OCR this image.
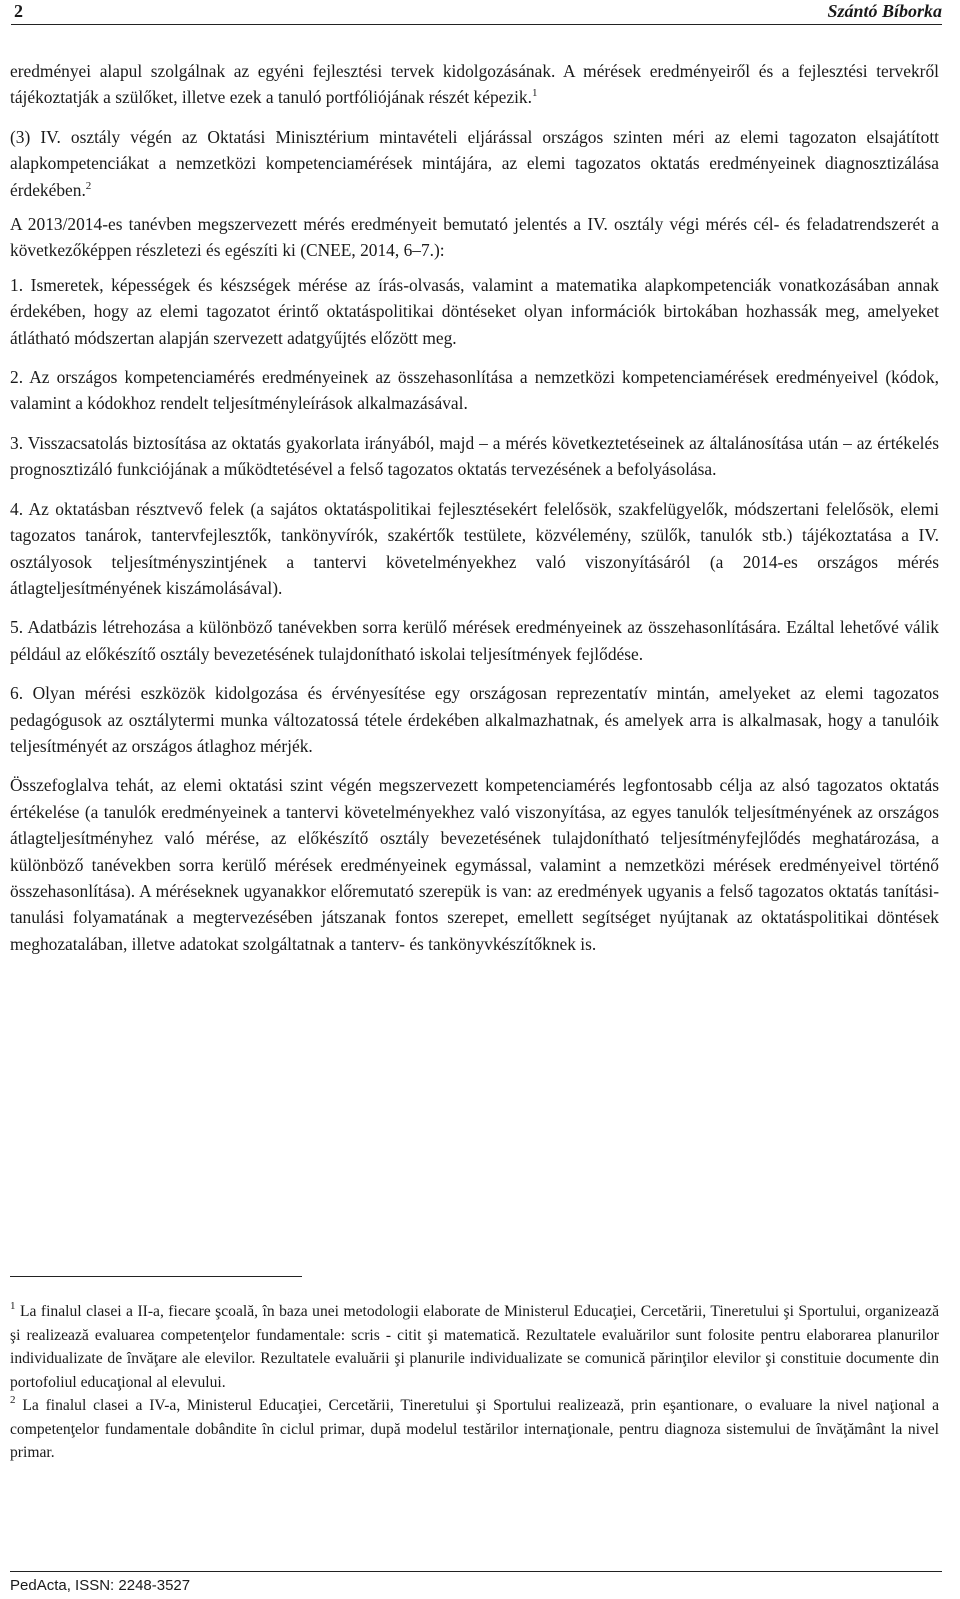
2	Szántó Bíborka

eredményei alapul szolgálnak az egyéni fejlesztési tervek kidolgozásának. A mérések eredményeiről és a fejlesztési tervekről tájékoztatják a szülőket, illetve ezek a tanuló portfóliójának részét képezik.$^1$

(3) IV. osztály végén az Oktatási Minisztérium mintavételi eljárással országos szinten méri az elemi tagozaton elsajátított alapkompetenciákat a nemzetközi kompetenciamérések mintájára, az elemi tagozatos oktatás eredményeinek diagnosztizálása érdekében.$^2$

A 2013/2014-es tanévben megszervezett mérés eredményeit bemutató jelentés a IV. osztály végi mérés cél- és feladatrendszerét a következőképpen részletezi és egészíti ki (CNEE, 2014, 6–7.):

1. Ismeretek, képességek és készségek mérése az írás-olvasás, valamint a matematika alapkompetenciák vonatkozásában annak érdekében, hogy az elemi tagozatot érintő oktatáspolitikai döntéseket olyan információk birtokában hozhassák meg, amelyeket átlátható módszertan alapján szervezett adatgyűjtés előzött meg.

2. Az országos kompetenciamérés eredményeinek az összehasonlítása a nemzetközi kompetenciamérések eredményeivel (kódok, valamint a kódokhoz rendelt teljesítményleírások alkalmazásával.

3. Visszacsatolás biztosítása az oktatás gyakorlata irányából, majd – a mérés következtetéseinek az általánosítása után – az értékelés prognosztizáló funkciójának a működtetésével a felső tagozatos oktatás tervezésének a befolyásolása.

4. Az oktatásban résztvevő felek (a sajátos oktatáspolitikai fejlesztésekért felelősök, szakfelügyelők, módszertani felelősök, elemi tagozatos tanárok, tantervfejlesztők, tankönyvírók, szakértők testülete, közvélemény, szülők, tanulók stb.) tájékoztatása a IV. osztályosok teljesítményszintjének a tantervi követelményekhez való viszonyításáról (a 2014-es országos mérés átlagteljesítményének kiszámolásával).

5. Adatbázis létrehozása a különböző tanévekben sorra kerülő mérések eredményeinek az összehasonlítására. Ezáltal lehetővé válik például az előkészítő osztály bevezetésének tulajdonítható iskolai teljesítmények fejlődése.

6. Olyan mérési eszközök kidolgozása és érvényesítése egy országosan reprezentatív mintán, amelyeket az elemi tagozatos pedagógusok az osztálytermi munka változatossá tétele érdekében alkalmazhatnak, és amelyek arra is alkalmasak, hogy a tanulóik teljesítményét az országos átlaghoz mérjék.

Összefoglalva tehát, az elemi oktatási szint végén megszervezett kompetenciamérés legfontosabb célja az alsó tagozatos oktatás értékelése (a tanulók eredményeinek a tantervi követelményekhez való viszonyítása, az egyes tanulók teljesítményének az országos átlagteljesítményhez való mérése, az előkészítő osztály bevezetésének tulajdonítható teljesítményfejlődés meghatározása, a különböző tanévekben sorra kerülő mérések eredményeinek egymással, valamint a nemzetközi mérések eredményeivel történő összehasonlítása). A méréseknek ugyanakkor előremutató szerepük is van: az eredmények ugyanis a felső tagozatos oktatás tanítási-tanulási folyamatának a megtervezésében játszanak fontos szerepet, emellett segítséget nyújtanak az oktatáspolitikai döntések meghozatalában, illetve adatokat szolgáltatnak a tanterv- és tankönyvkészítőknek is.

$^1$ La finalul clasei a II-a, fiecare şcoală, în baza unei metodologii elaborate de Ministerul Educaţiei, Cercetării, Tineretului şi Sportului, organizează şi realizează evaluarea competenţelor fundamentale: scris - citit şi matematică. Rezultatele evaluărilor sunt folosite pentru elaborarea planurilor individualizate de învăţare ale elevilor. Rezultatele evaluării şi planurile individualizate se comunică părinţilor elevilor şi constituie documente din portofoliul educaţional al elevului.

$^2$ La finalul clasei a IV-a, Ministerul Educaţiei, Cercetării, Tineretului şi Sportului realizează, prin eşantionare, o evaluare la nivel naţional a competenţelor fundamentale dobândite în ciclul primar, după modelul testărilor internaţionale, pentru diagnoza sistemului de învăţământ la nivel primar.

PedActa, ISSN: 2248-3527
